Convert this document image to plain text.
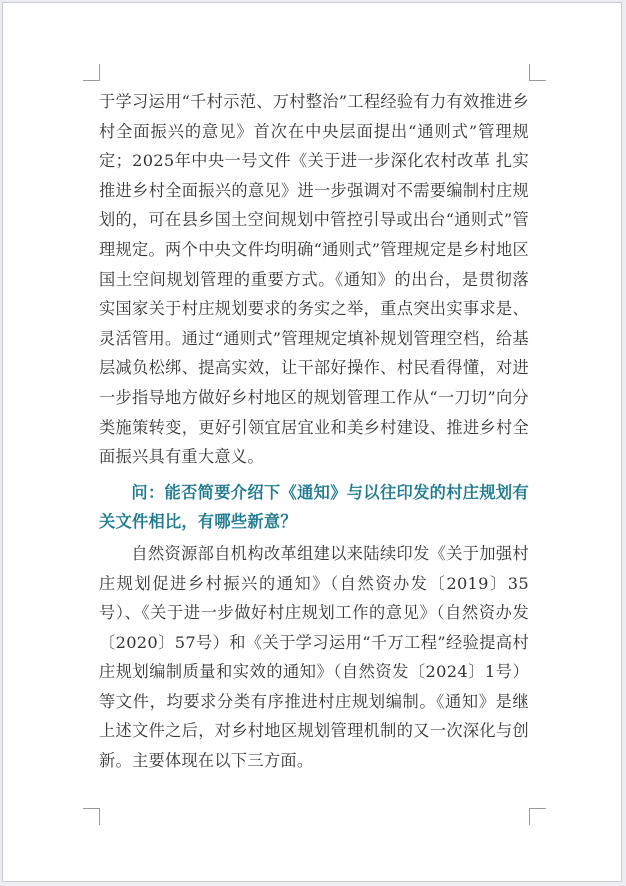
于学习运用“千村示范、万村整治”工程经验有力有效推进乡村全面振兴的意见》首次在中央层面提出“通则式”管理规定；2025年中央一号文件《关于进一步深化农村改革 扎实推进乡村全面振兴的意见》进一步强调对不需要编制村庄规划的，可在县乡国土空间规划中管控引导或出台“通则式”管理规定。两个中央文件均明确“通则式”管理规定是乡村地区国土空间规划管理的重要方式。《通知》的出台，是贯彻落实国家关于村庄规划要求的务实之举，重点突出实事求是、灵活管用。通过“通则式”管理规定填补规划管理空档，给基层减负松绑、提高实效，让干部好操作、村民看得懂，对进一步指导地方做好乡村地区的规划管理工作从“一刀切”向分类施策转变，更好引领宜居宜业和美乡村建设、推进乡村全面振兴具有重大意义。

问：能否简要介绍下《通知》与以往印发的村庄规划有关文件相比，有哪些新意？

自然资源部自机构改革组建以来陆续印发《关于加强村庄规划促进乡村振兴的通知》（自然资办发〔2019〕35号）、《关于进一步做好村庄规划工作的意见》（自然资办发〔2020〕57号）和《关于学习运用“千万工程”经验提高村庄规划编制质量和实效的通知》（自然资发〔2024〕1号）等文件，均要求分类有序推进村庄规划编制。《通知》是继上述文件之后，对乡村地区规划管理机制的又一次深化与创新。主要体现在以下三方面。
